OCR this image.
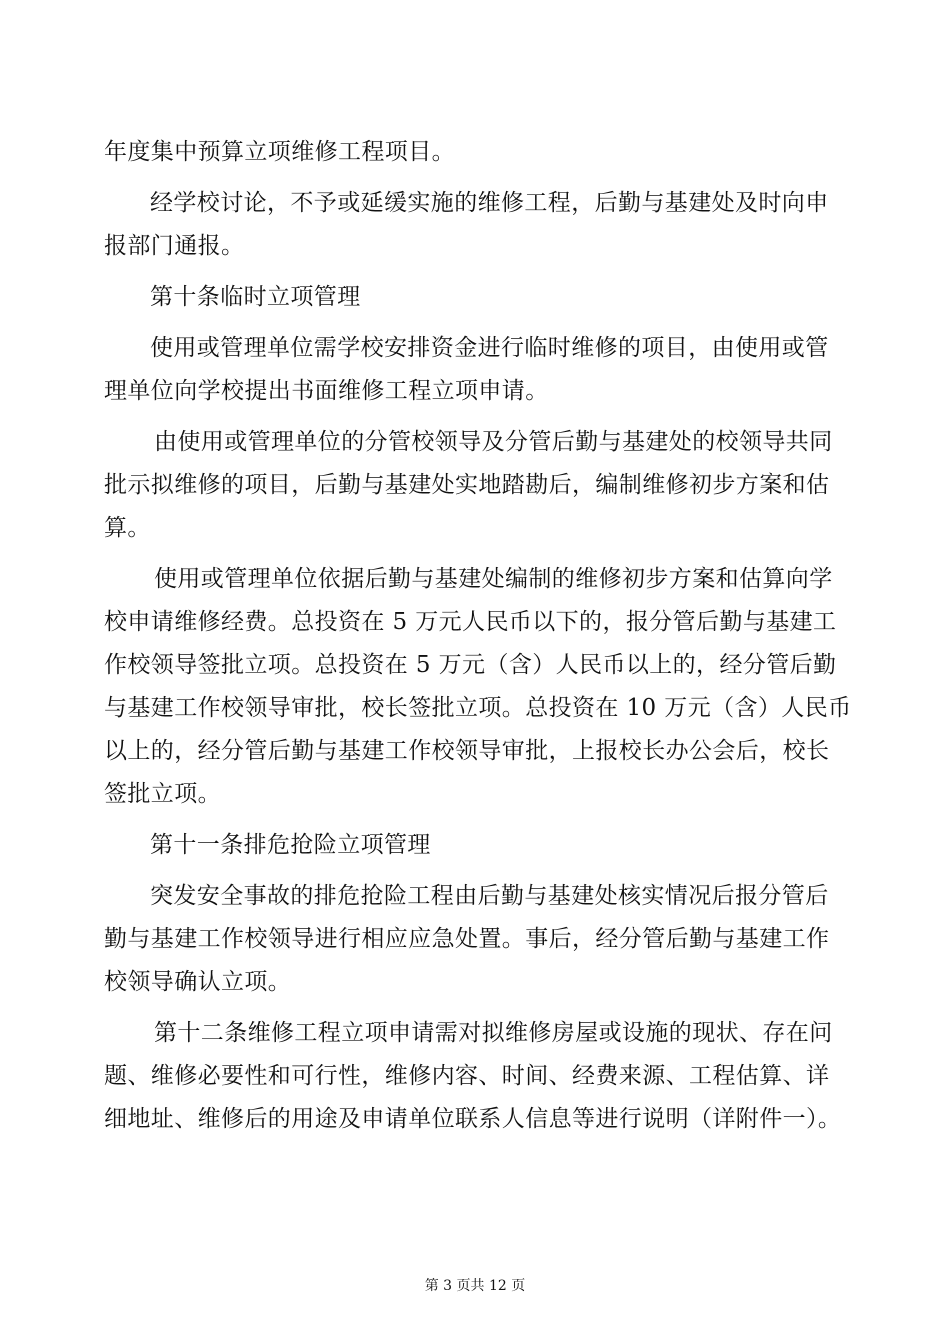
年度集中预算立项维修工程项目。
经学校讨论，不予或延缓实施的维修工程，后勤与基建处及时向申
报部门通报。
第十条临时立项管理
使用或管理单位需学校安排资金进行临时维修的项目，由使用或管
理单位向学校提出书面维修工程立项申请。
由使用或管理单位的分管校领导及分管后勤与基建处的校领导共同
批示拟维修的项目，后勤与基建处实地踏勘后，编制维修初步方案和估
算。
使用或管理单位依据后勤与基建处编制的维修初步方案和估算向学
校申请维修经费。总投资在 5 万元人民币以下的，报分管后勤与基建工
作校领导签批立项。总投资在 5 万元（含）人民币以上的，经分管后勤
与基建工作校领导审批，校长签批立项。总投资在 10 万元（含）人民币
以上的，经分管后勤与基建工作校领导审批，上报校长办公会后，校长
签批立项。
第十一条排危抢险立项管理
突发安全事故的排危抢险工程由后勤与基建处核实情况后报分管后
勤与基建工作校领导进行相应应急处置。事后，经分管后勤与基建工作
校领导确认立项。
第十二条维修工程立项申请需对拟维修房屋或设施的现状、存在问
题、维修必要性和可行性，维修内容、时间、经费来源、工程估算、详
细地址、维修后的用途及申请单位联系人信息等进行说明（详附件一）。
第 3 页共 12 页
